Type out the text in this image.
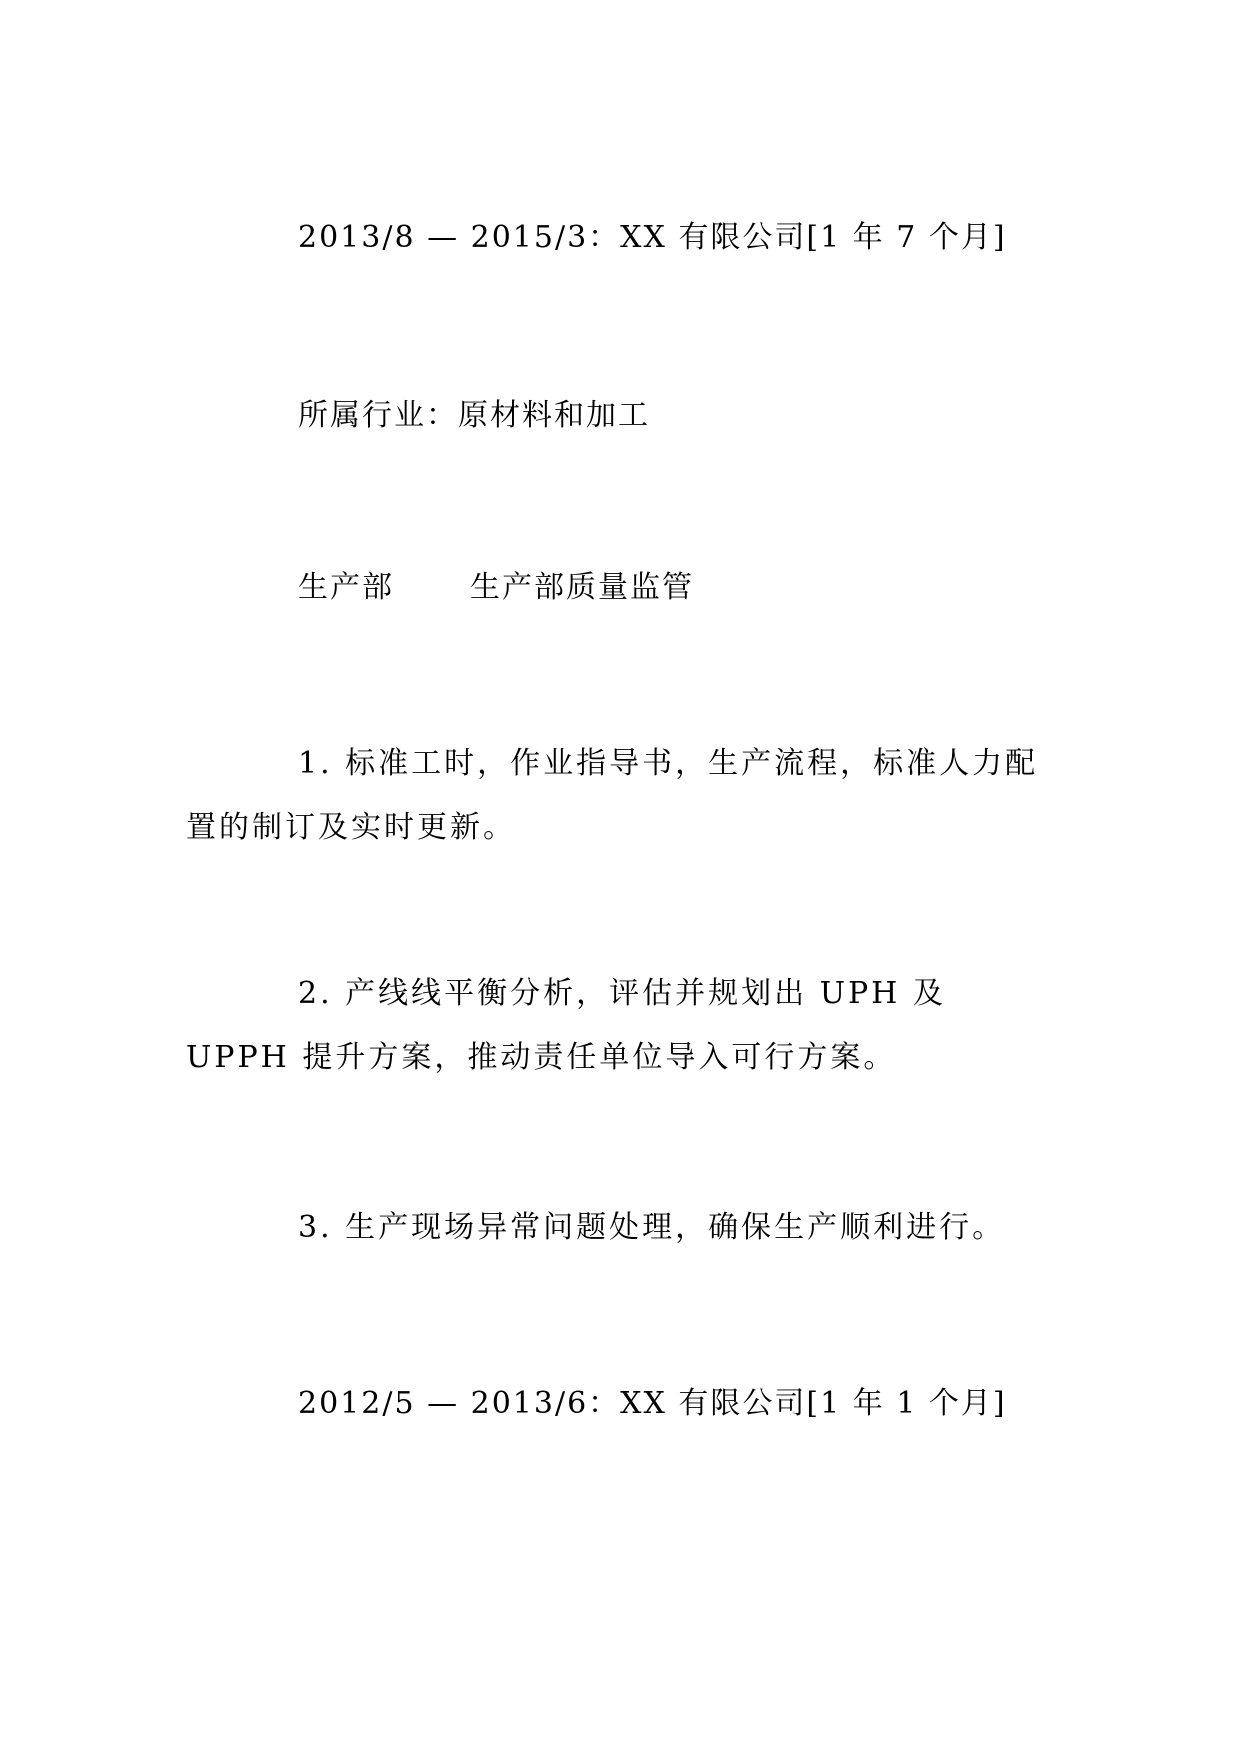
2013/8 — 2015/3：XX 有限公司[1 年 7 个月]
所属行业：原材料和加工
生产部	生产部质量监管
1. 标准工时，作业指导书，生产流程，标准人力配置的制订及实时更新。
2. 产线线平衡分析，评估并规划出 UPH 及 UPPH 提升方案，推动责任单位导入可行方案。
3. 生产现场异常问题处理，确保生产顺利进行。
2012/5 — 2013/6：XX 有限公司[1 年 1 个月]
